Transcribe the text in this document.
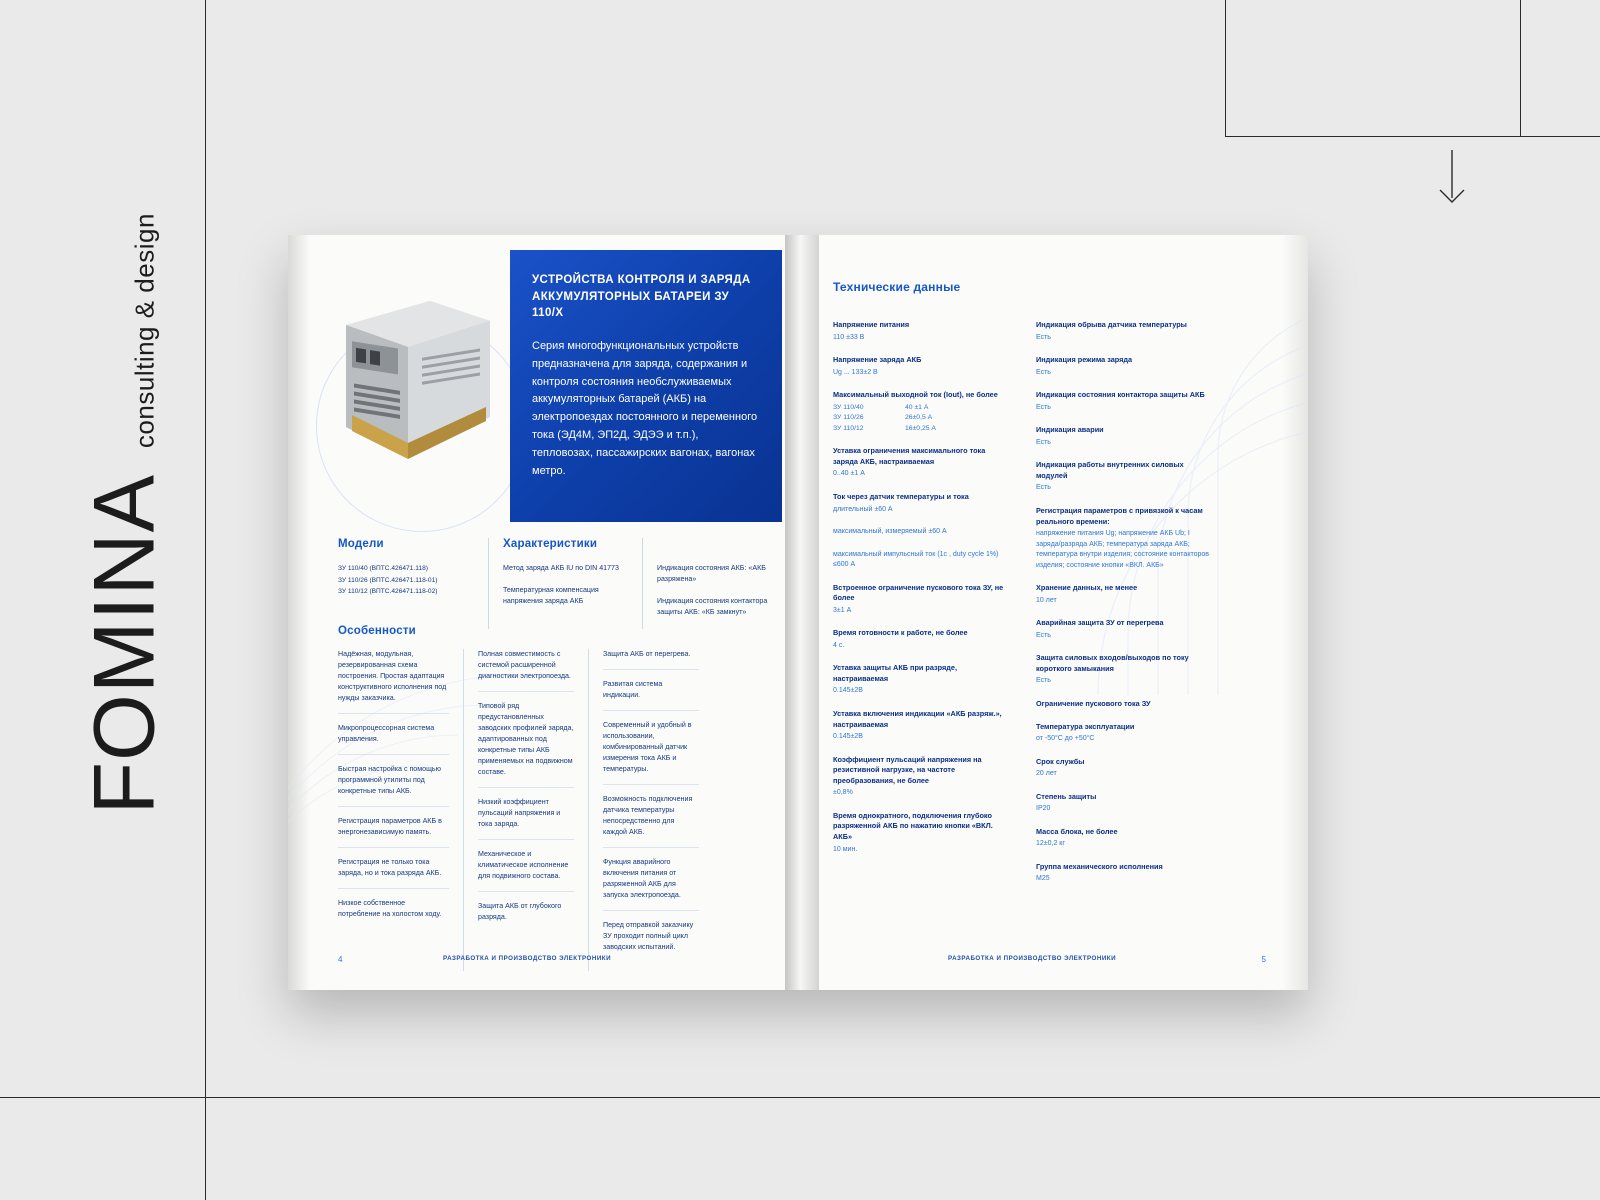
FOMINA
consulting & design	УСТРОЙСТВА КОНТРОЛЯ И ЗАРЯДА АККУМУЛЯТОРНЫХ БАТАРЕИ ЗУ 110/X

Серия многофункциональных устройств предназначена для заряда, содержания и контроля состояния необслуживаемых аккумуляторных батарей (АКБ) на электропоездах постоянного и переменного тока (ЭД4М, ЭП2Д, ЭДЭЭ и т.п.), тепловозах, пассажирских вагонах, вагонах метро.

Модели
ЗУ 110/40 (ВПТС.426471.118)
ЗУ 110/26 (ВПТС.426471.118-01)
ЗУ 110/12 (ВПТС.426471.118-02)
Характеристики

Метод заряда АКБ IU по DIN 41773

Температурная компенсация напряжения заряда АКБ

Индикация состояния АКБ: «АКБ разряжена»

Индикация состояния контактора защиты АКБ: «КБ замкнут»

Особенности

Надёжная, модульная, резервированная схема построения. Простая адаптация конструктивного исполнения под нужды заказчика.

Микропроцессорная система управления.

Быстрая настройка с помощью программной утилиты под конкретные типы АКБ.

Регистрация параметров АКБ в энергонезависимую память.

Регистрация не только тока заряда, но и тока разряда АКБ.

Низкое собственное потребление на холостом ходу.

Полная совместимость с системой расширенной диагностики электропоезда.

Типовой ряд предустановленных заводских профилей заряда, адаптированных под конкретные типы АКБ применяемых на подвижном составе.

Низкий коэффициент пульсаций напряжения и тока заряда.

Механическое и климатическое исполнение для подвижного состава.

Защита АКБ от глубокого разряда.

Защита АКБ от перегрева.

Развитая система индикации.

Современный и удобный в использовании, комбинированный датчик измерения тока АКБ и температуры.

Возможность подключения датчика температуры непосредственно для каждой АКБ.

Функция аварийного включения питания от разряженной АКБ для запуска электропоезда.

Перед отправкой заказчику ЗУ проходит полный цикл заводских испытаний.

4	РАЗРАБОТКА И ПРОИЗВОДСТВО ЭЛЕКТРОНИКИ
Технические данные

Напряжение питания

110 ±33 В

Напряжение заряда АКБ

Ug ... 133±2 В

Максимальный выходной ток (Iout), не более

ЗУ 110/40	40 ±1 А
ЗУ 110/26	26±0,5 А
ЗУ 110/12	16±0,25 А

Уставка ограничения максимального тока заряда АКБ, настраиваемая

0..40 ±1 А

Ток через датчик температуры и тока

длительный ±60 А

максимальный, измеряемый ±60 А

максимальный импульсный ток (1с , duty cycle 1%) ≤600 А

Встроенное ограничение пускового тока ЗУ, не более

3±1 А

Время готовности к работе, не более

4 с.

Уставка защиты АКБ при разряде, настраиваемая

0.145±2В

Уставка включения индикации «АКБ разряж.», настраиваемая

0.145±2В

Коэффициент пульсаций напряжения на резистивной нагрузке, на частоте преобразования, не более

±0,8%

Время однократного, подключения глубоко разряженной АКБ по нажатию кнопки «ВКЛ. АКБ»

10 мин.

Индикация обрыва датчика температуры

Есть

Индикация режима заряда

Есть

Индикация состояния контактора защиты АКБ

Есть

Индикация аварии

Есть

Индикация работы внутренних силовых модулей

Есть

Регистрация параметров с привязкой к часам реального времени:

напряжение питания Ug; напряжение АКБ Ub; I заряда/разряда АКБ; температура заряда АКБ; температура внутри изделия; состояние контакторов изделия; состояние кнопки «ВКЛ. АКБ»

Хранение данных, не менее

10 лет

Аварийная защита ЗУ от перегрева

Есть

Защита силовых входов/выходов по току короткого замыкания

Есть

Ограничение пускового тока ЗУ

Температура эксплуатации

от -50°С до +50°С

Срок службы

20 лет

Степень защиты

IP20

Масса блока, не более

12±0,2 кг

Группа механического исполнения

М25

РАЗРАБОТКА И ПРОИЗВОДСТВО ЭЛЕКТРОНИКИ	5
